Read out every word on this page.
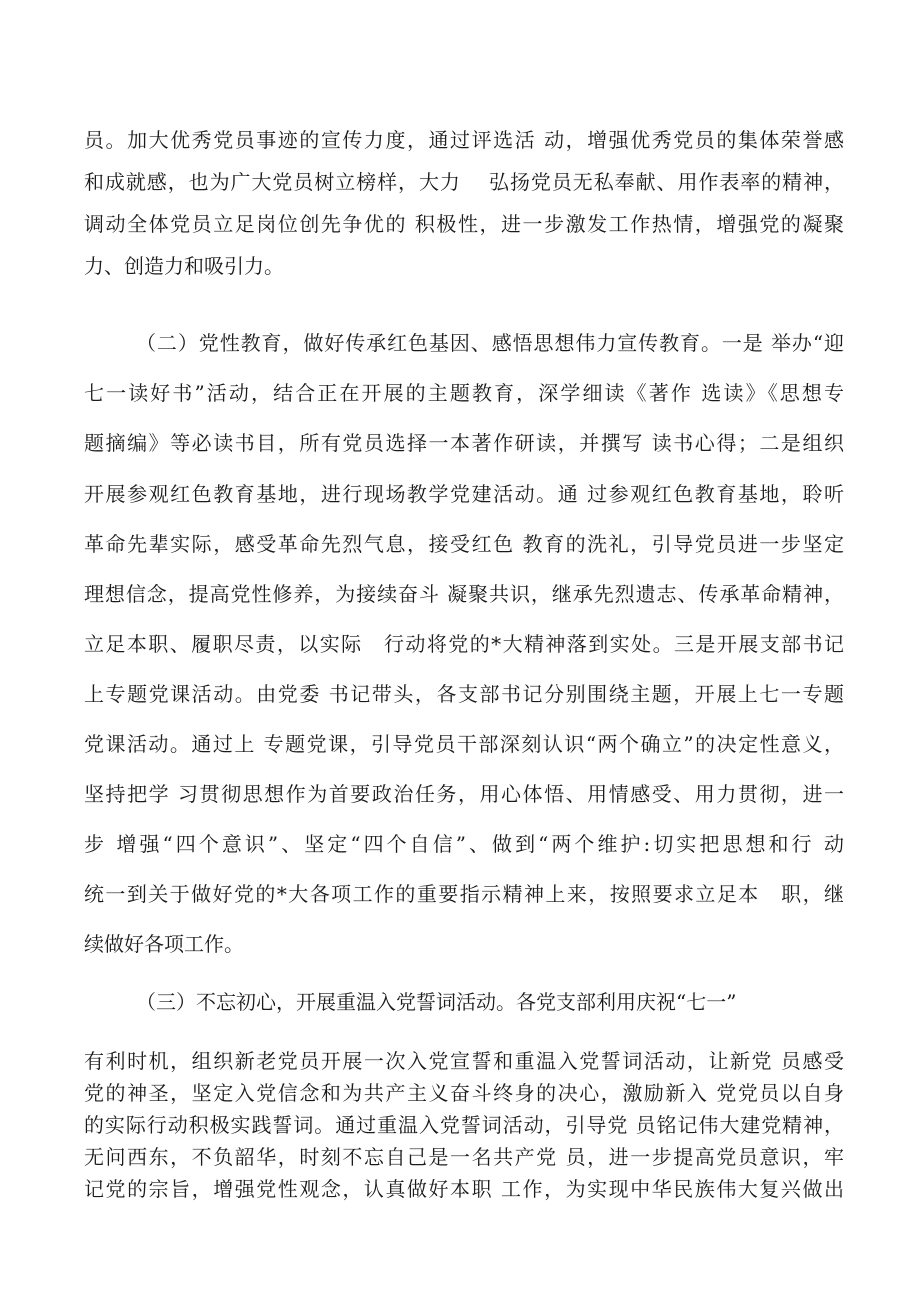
员。加大优秀党员事迹的宣传力度，通过评选活 动，增强优秀党员的集体荣誉感
和成就感，也为广大党员树立榜样，大力　 弘扬党员无私奉献、用作表率的精神，
调动全体党员立足岗位创先争优的 积极性，进一步激发工作热情，增强党的凝聚
力、创造力和吸引力。
（二）党性教育，做好传承红色基因、感悟思想伟力宣传教育。一是 举办“迎
七一读好书”活动，结合正在开展的主题教育，深学细读《著作 选读》《思想专
题摘编》等必读书目，所有党员选择一本著作研读，并撰写 读书心得；二是组织
开展参观红色教育基地，进行现场教学党建活动。通 过参观红色教育基地，聆听
革命先辈实际，感受革命先烈气息，接受红色 教育的洗礼，引导党员进一步坚定
理想信念，提高党性修养，为接续奋斗 凝聚共识，继承先烈遗志、传承革命精神，
立足本职、履职尽责，以实际　行动将党的*大精神落到实处。三是开展支部书记
上专题党课活动。由党委 书记带头，各支部书记分别围绕主题，开展上七一专题
党课活动。通过上 专题党课，引导党员干部深刻认识“两个确立”的决定性意义，
坚持把学 习贯彻思想作为首要政治任务，用心体悟、用情感受、用力贯彻，进一
步 增强“四个意识”、坚定“四个自信”、做到“两个维护:切实把思想和行 动
统一到关于做好党的*大各项工作的重要指示精神上来，按照要求立足本　职，继
续做好各项工作。
（三）不忘初心，开展重温入党誓词活动。各党支部利用庆祝“七一”
有利时机，组织新老党员开展一次入党宣誓和重温入党誓词活动，让新党 员感受
党的神圣，坚定入党信念和为共产主义奋斗终身的决心，激励新入 党党员以自身
的实际行动积极实践誓词。通过重温入党誓词活动，引导党 员铭记伟大建党精神，
无问西东，不负韶华，时刻不忘自己是一名共产党 员，进一步提高党员意识，牢
记党的宗旨，增强党性观念，认真做好本职 工作，为实现中华民族伟大复兴做出
